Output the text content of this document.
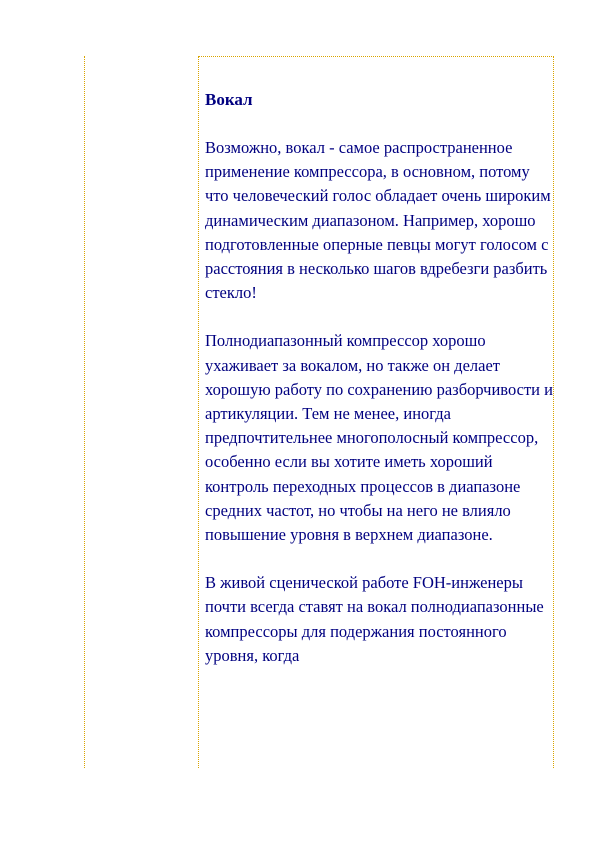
Вокал

Возможно, вокал - самое распространенное применение компрессора, в основном, потому что человеческий голос обладает очень широким динамическим диапазоном. Например, хорошо подготовленные оперные певцы могут голосом с расстояния в несколько шагов вдребезги разбить стекло!

Полнодиапазонный компрессор хорошо ухаживает за вокалом, но также он делает хорошую работу по сохранению разборчивости и артикуляции. Тем не менее, иногда предпочтительнее многополосный компрессор, особенно если вы хотите иметь хороший контроль переходных процессов в диапазоне средних частот, но чтобы на него не влияло повышение уровня в верхнем диапазоне.

В живой сценической работе FOH-инженеры почти всегда ставят на вокал полнодиапазонные компрессоры для подержания постоянного уровня, когда
